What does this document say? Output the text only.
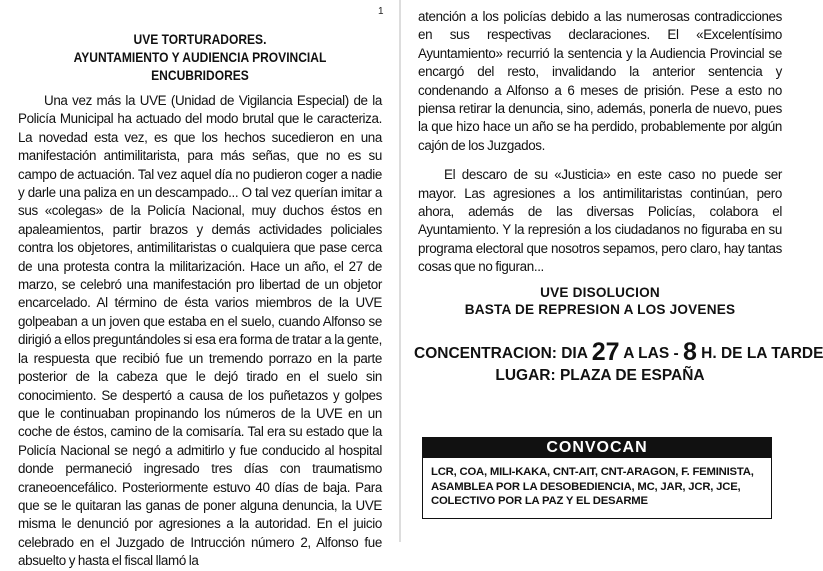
UVE TORTURADORES.
AYUNTAMIENTO Y AUDIENCIA PROVINCIAL ENCUBRIDORES

Una vez más la UVE (Unidad de Vigilancia Especial) de la Policía Municipal ha actuado del modo brutal que le caracteriza. La novedad esta vez, es que los hechos sucedieron en una manifestación antimilitarista, para más señas, que no es su campo de actuación. Tal vez aquel día no pudieron coger a nadie y darle una paliza en un descampado... O tal vez querían imitar a sus «colegas» de la Policía Nacional, muy duchos éstos en apaleamientos, partir brazos y demás actividades policiales contra los objetores, antimilitaristas o cualquiera que pase cerca de una protesta contra la militarización. Hace un año, el 27 de marzo, se celebró una manifestación pro libertad de un objetor encarcelado. Al término de ésta varios miembros de la UVE golpeaban a un joven que estaba en el suelo, cuando Alfonso se dirigió a ellos preguntándoles si esa era forma de tratar a la gente, la respuesta que recibió fue un tremendo porrazo en la parte posterior de la cabeza que le dejó tirado en el suelo sin conocimiento. Se despertó a causa de los puñetazos y golpes que le continuaban propinando los números de la UVE en un coche de éstos, camino de la comisaría. Tal era su estado que la Policía Nacional se negó a admitirlo y fue conducido al hospital donde permaneció ingresado tres días con traumatismo craneoencefálico. Posteriormente estuvo 40 días de baja. Para que se le quitaran las ganas de poner alguna denuncia, la UVE misma le denunció por agresiones a la autoridad. En el juicio celebrado en el Juzgado de Intrucción número 2, Alfonso fue absuelto y hasta el fiscal llamó la

1	atención a los policías debido a las numerosas contradicciones en sus respectivas declaraciones. El «Excelentísimo Ayuntamiento» recurrió la sentencia y la Audiencia Provincial se encargó del resto, invalidando la anterior sentencia y condenando a Alfonso a 6 meses de prisión. Pese a esto no piensa retirar la denuncia, sino, además, ponerla de nuevo, pues la que hizo hace un año se ha perdido, probablemente por algún cajón de los Juzgados.

El descaro de su «Justicia» en este caso no puede ser mayor. Las agresiones a los antimilitaristas continúan, pero ahora, además de las diversas Policías, colabora el Ayuntamiento. Y la represión a los ciudadanos no figuraba en su programa electoral que nosotros sepamos, pero claro, hay tantas cosas que no figuran...

UVE DISOLUCION

BASTA DE REPRESION A LOS JOVENES

CONCENTRACION: DIA 27 A LAS - 8 H. DE LA TARDE
LUGAR: PLAZA DE ESPAÑA
CONVOCAN
LCR, COA, MILI-KAKA, CNT-AIT, CNT-ARAGON, F. FEMINISTA, ASAMBLEA POR LA DESOBEDIENCIA, MC, JAR, JCR, JCE, COLECTIVO POR LA PAZ Y EL DESARME
